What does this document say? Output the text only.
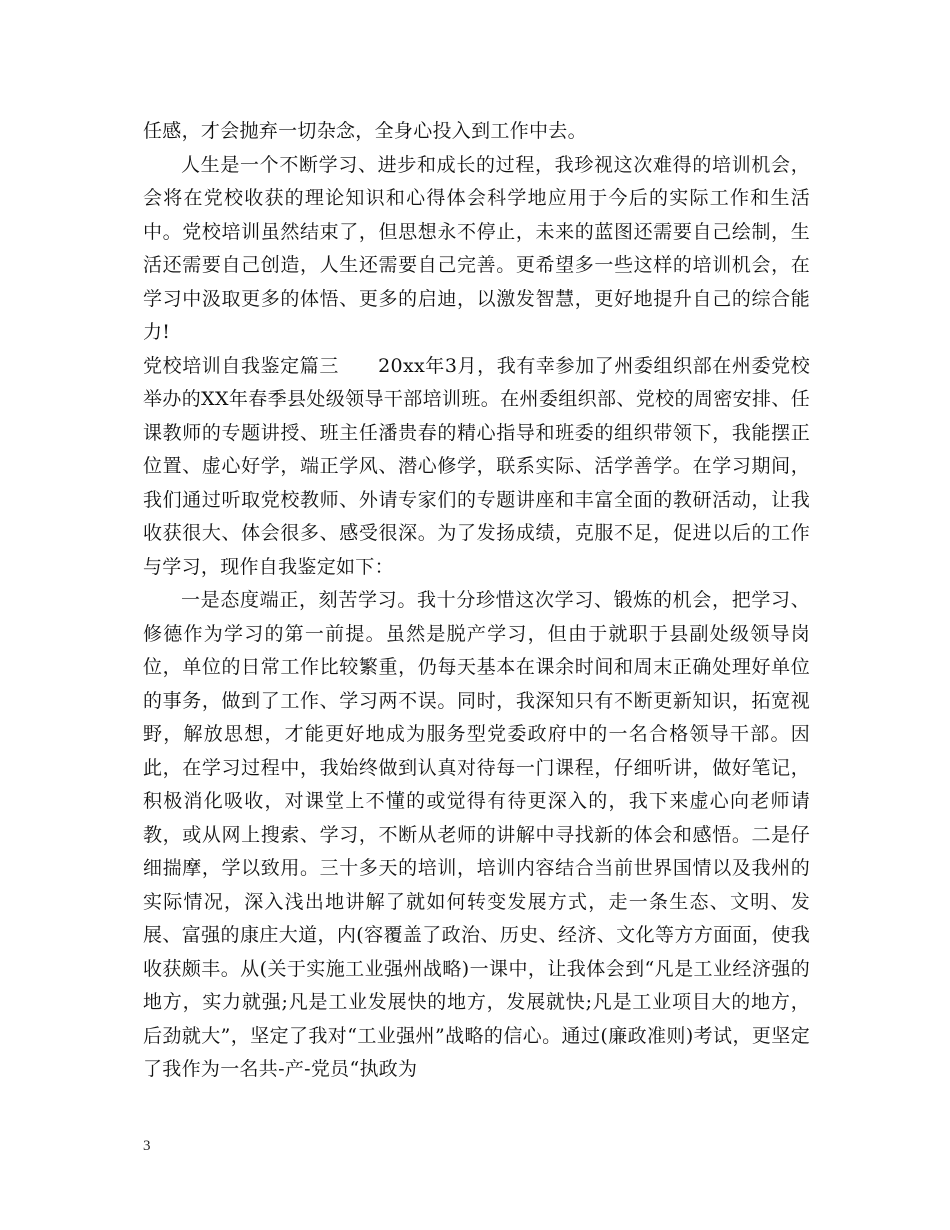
任感，才会抛弃一切杂念，全身心投入到工作中去。

人生是一个不断学习、进步和成长的过程，我珍视这次难得的培训机会，会将在党校收获的理论知识和心得体会科学地应用于今后的实际工作和生活中。党校培训虽然结束了，但思想永不停止，未来的蓝图还需要自己绘制，生活还需要自己创造，人生还需要自己完善。更希望多一些这样的培训机会，在学习中汲取更多的体悟、更多的启迪，以激发智慧，更好地提升自己的综合能力!

党校培训自我鉴定篇三　　20xx年3月，我有幸参加了州委组织部在州委党校举办的XX年春季县处级领导干部培训班。在州委组织部、党校的周密安排、任课教师的专题讲授、班主任潘贵春的精心指导和班委的组织带领下，我能摆正位置、虚心好学，端正学风、潜心修学，联系实际、活学善学。在学习期间，我们通过听取党校教师、外请专家们的专题讲座和丰富全面的教研活动，让我收获很大、体会很多、感受很深。为了发扬成绩，克服不足，促进以后的工作与学习，现作自我鉴定如下：

一是态度端正，刻苦学习。我十分珍惜这次学习、锻炼的机会，把学习、修德作为学习的第一前提。虽然是脱产学习，但由于就职于县副处级领导岗位，单位的日常工作比较繁重，仍每天基本在课余时间和周末正确处理好单位的事务，做到了工作、学习两不误。同时，我深知只有不断更新知识，拓宽视野，解放思想，才能更好地成为服务型党委政府中的一名合格领导干部。因此，在学习过程中，我始终做到认真对待每一门课程，仔细听讲，做好笔记，积极消化吸收，对课堂上不懂的或觉得有待更深入的，我下来虚心向老师请教，或从网上搜索、学习，不断从老师的讲解中寻找新的体会和感悟。二是仔细揣摩，学以致用。三十多天的培训，培训内容结合当前世界国情以及我州的实际情况，深入浅出地讲解了就如何转变发展方式，走一条生态、文明、发展、富强的康庄大道，内(容覆盖了政治、历史、经济、文化等方方面面，使我收获颇丰。从(关于实施工业强州战略)一课中，让我体会到“凡是工业经济强的地方，实力就强;凡是工业发展快的地方，发展就快;凡是工业项目大的地方，后劲就大”，坚定了我对“工业强州”战略的信心。通过(廉政准则)考试，更坚定了我作为一名共-产-党员“执政为

3
